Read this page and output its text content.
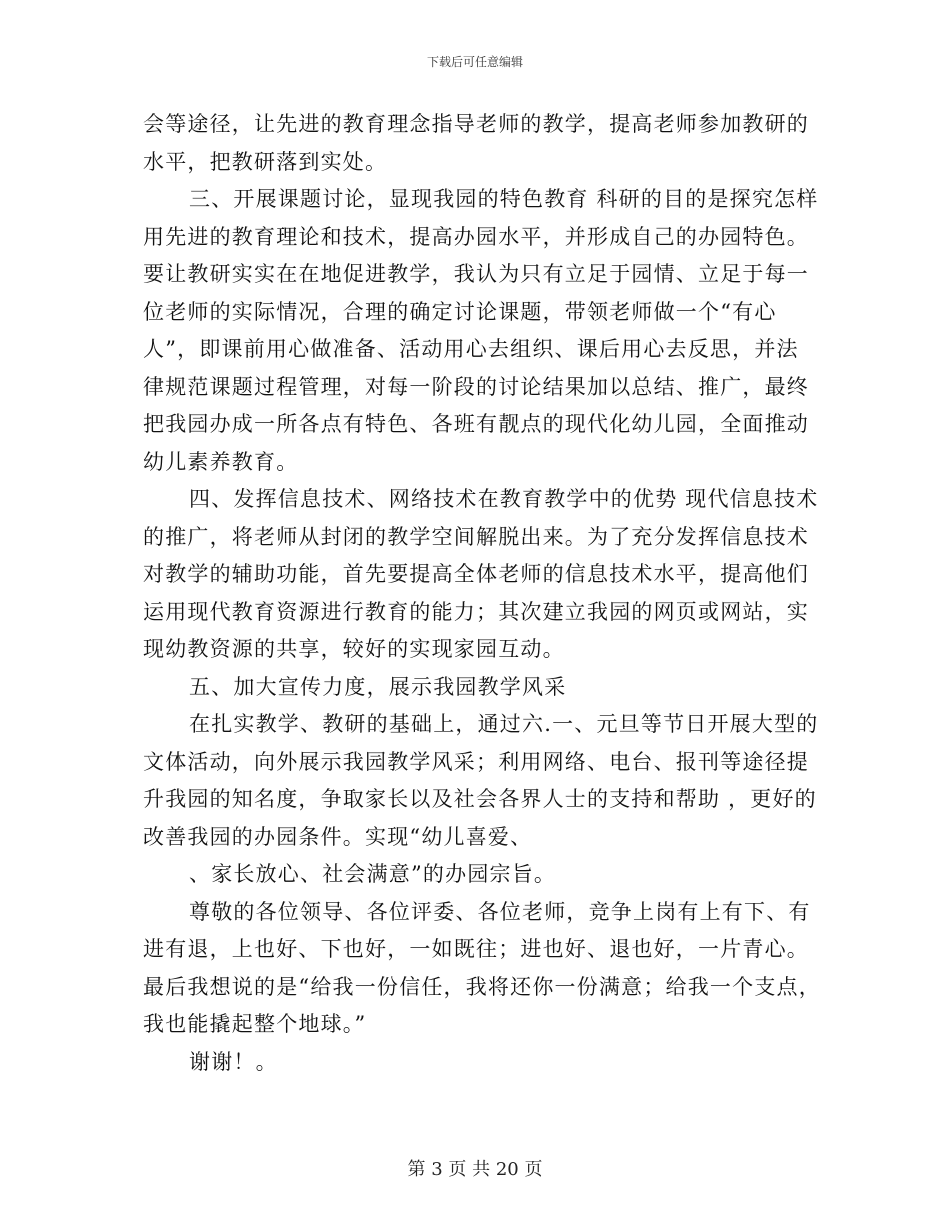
下载后可任意编辑
会等途径，让先进的教育理念指导老师的教学，提高老师参加教研的
水平，把教研落到实处。
三、开展课题讨论，显现我园的特色教育 科研的目的是探究怎样
用先进的教育理论和技术，提高办园水平，并形成自己的办园特色。
要让教研实实在在地促进教学，我认为只有立足于园情、立足于每一
位老师的实际情况，合理的确定讨论课题，带领老师做一个“有心
人”，即课前用心做准备、活动用心去组织、课后用心去反思，并法
律规范课题过程管理，对每一阶段的讨论结果加以总结、推广，最终
把我园办成一所各点有特色、各班有靓点的现代化幼儿园，全面推动
幼儿素养教育。
四、发挥信息技术、网络技术在教育教学中的优势 现代信息技术
的推广，将老师从封闭的教学空间解脱出来。为了充分发挥信息技术
对教学的辅助功能，首先要提高全体老师的信息技术水平，提高他们
运用现代教育资源进行教育的能力；其次建立我园的网页或网站，实
现幼教资源的共享，较好的实现家园互动。
五、加大宣传力度，展示我园教学风采
在扎实教学、教研的基础上，通过六.一、元旦等节日开展大型的
文体活动，向外展示我园教学风采；利用网络、电台、报刊等途径提
升我园的知名度，争取家长以及社会各界人士的支持和帮助 ，更好的
改善我园的办园条件。实现“幼儿喜爱、
、家长放心、社会满意”的办园宗旨。
尊敬的各位领导、各位评委、各位老师，竞争上岗有上有下、有
进有退，上也好、下也好，一如既往；进也好、退也好，一片青心。
最后我想说的是“给我一份信任，我将还你一份满意；给我一个支点，
我也能撬起整个地球。”
谢谢！。
第 3 页 共 20 页
